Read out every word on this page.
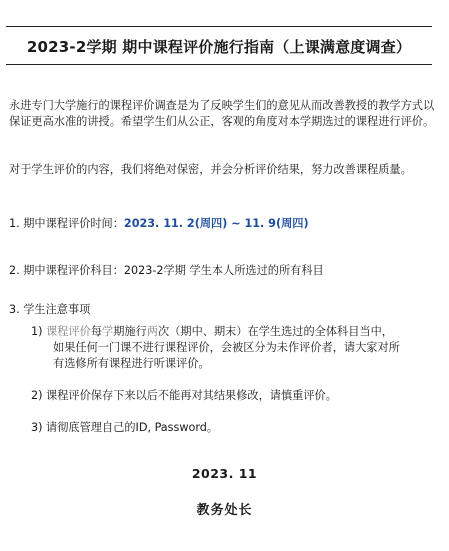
2023-2学期 期中课程评价施行指南（上课满意度调查）
永进专门大学施行的课程评价调查是为了反映学生们的意见从而改善教授的教学方式以保证更高水准的讲授。希望学生们从公正，客观的角度对本学期选过的课程进行评价。
对于学生评价的内容，我们将绝对保密，并会分析评价结果，努力改善课程质量。
1. 期中课程评价时间：2023. 11. 2(周四) ~ 11. 9(周四)
2. 期中课程评价科目：2023-2学期 学生本人所选过的所有科目
3. 学生注意事项
1) 课程评价每学期施行两次（期中、期末）在学生选过的全体科目当中，
如果任何一门课不进行课程评价，会被区分为未作评价者，请大家对所
有选修所有课程进行听课评价。
2) 课程评价保存下来以后不能再对其结果修改，请慎重评价。
3) 请彻底管理自己的ID, Password。
2023. 11
教务处长
